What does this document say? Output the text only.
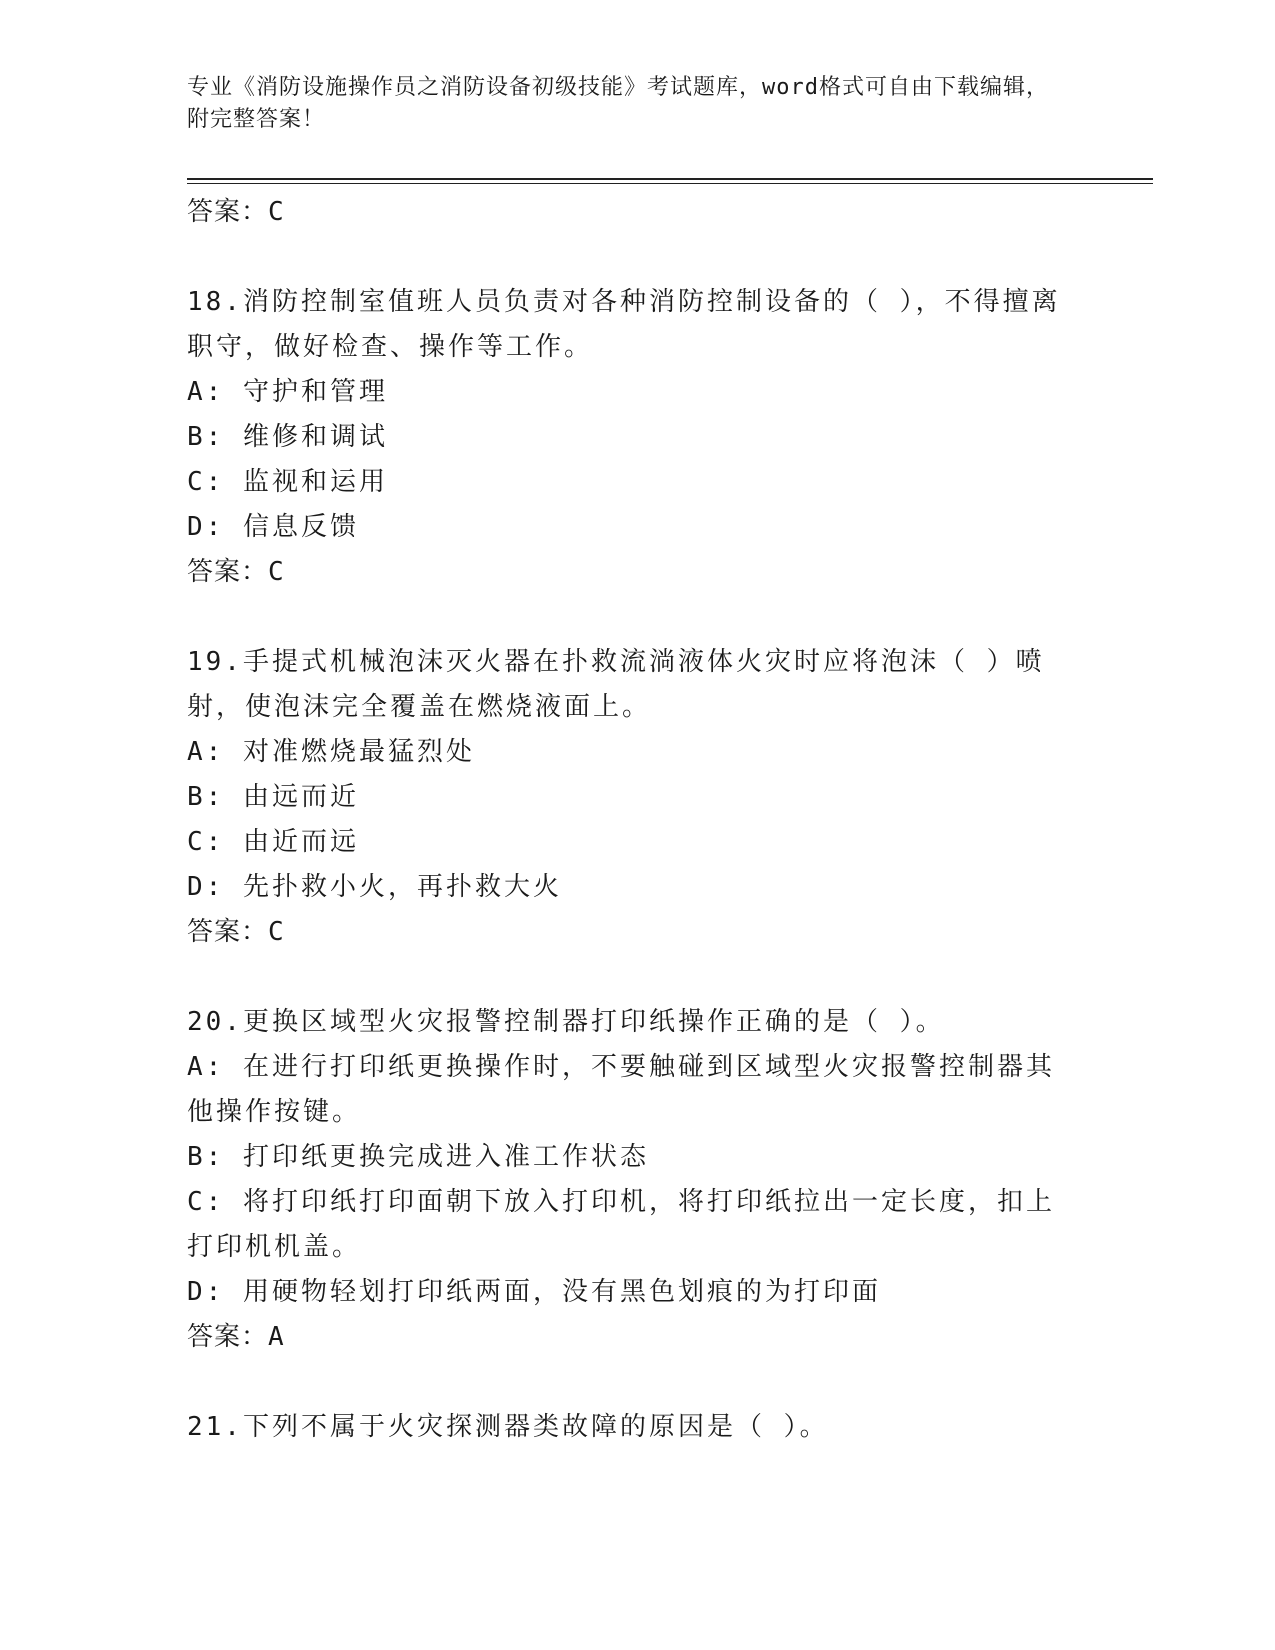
专业《消防设施操作员之消防设备初级技能》考试题库，word格式可自由下载编辑，附完整答案！
答案：C
18.消防控制室值班人员负责对各种消防控制设备的（ ），不得擅离职守，做好检查、操作等工作。
A: 守护和管理
B: 维修和调试
C: 监视和运用
D: 信息反馈
答案：C
19.手提式机械泡沫灭火器在扑救流淌液体火灾时应将泡沫（ ）喷射，使泡沫完全覆盖在燃烧液面上。
A: 对准燃烧最猛烈处
B: 由远而近
C: 由近而远
D: 先扑救小火，再扑救大火
答案：C
20.更换区域型火灾报警控制器打印纸操作正确的是（ ）。
A: 在进行打印纸更换操作时，不要触碰到区域型火灾报警控制器其他操作按键。
B: 打印纸更换完成进入准工作状态
C: 将打印纸打印面朝下放入打印机，将打印纸拉出一定长度，扣上打印机机盖。
D: 用硬物轻划打印纸两面，没有黑色划痕的为打印面
答案：A
21.下列不属于火灾探测器类故障的原因是（ ）。
